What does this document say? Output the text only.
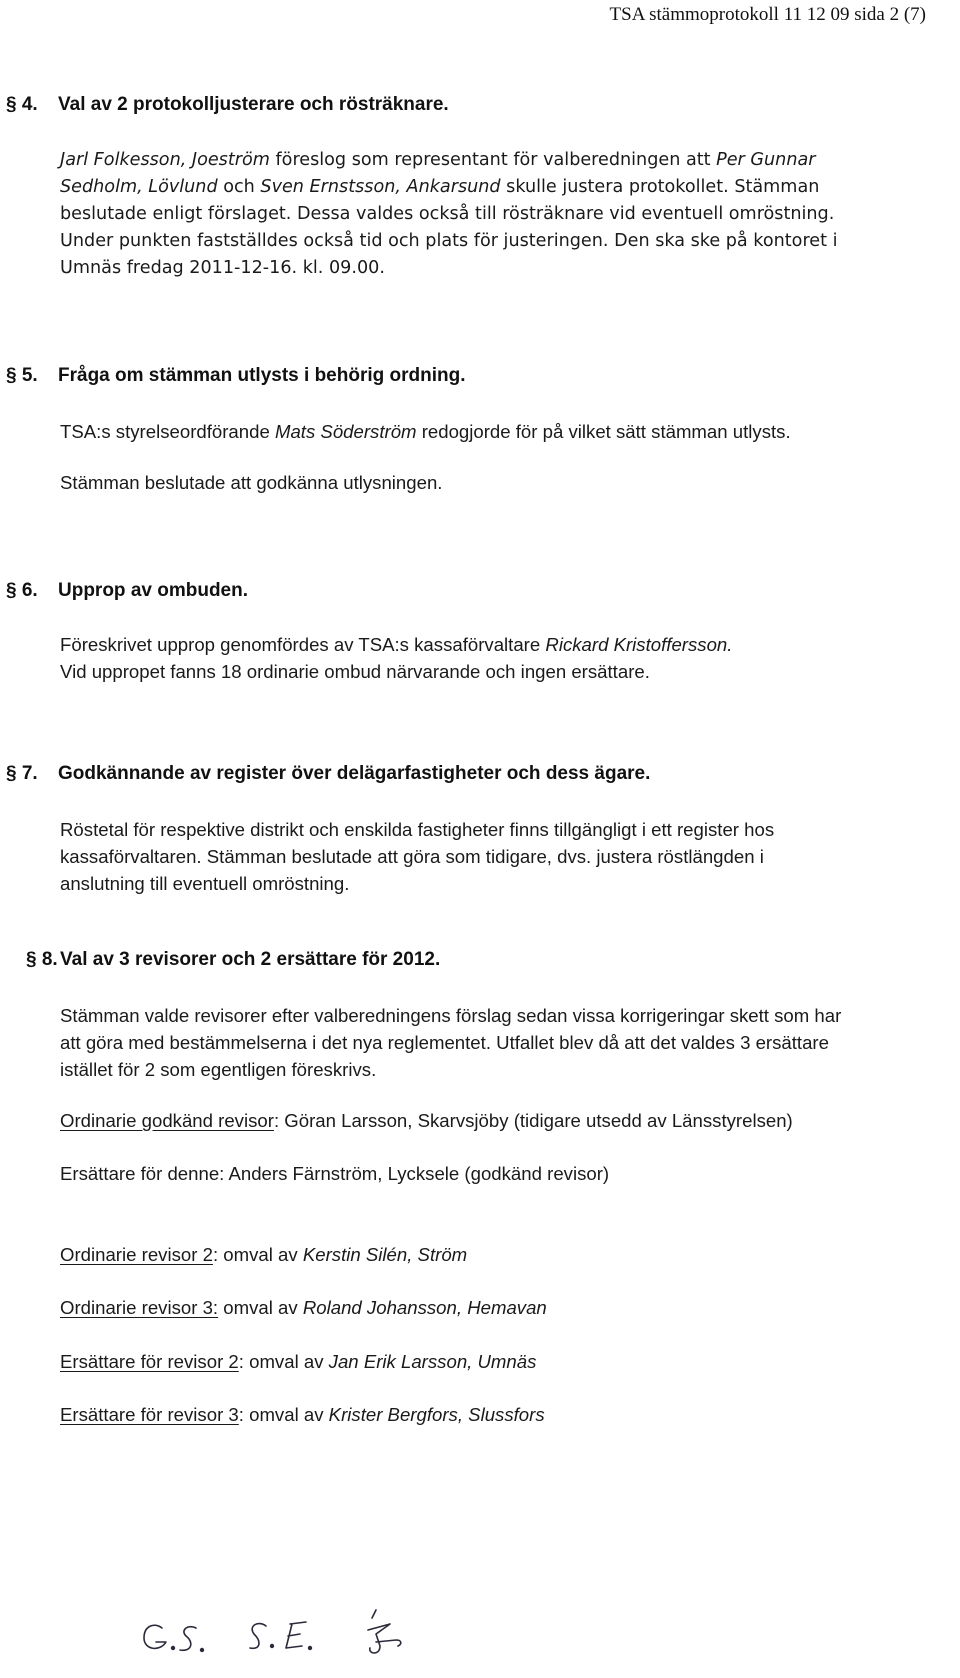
TSA stämmoprotokoll 11 12 09 sida 2 (7)
§ 4. Val av 2 protokolljusterare och rösträknare.
Jarl Folkesson, Joeström föreslog som representant för valberedningen att Per Gunnar
Sedholm, Lövlund och Sven Ernstsson, Ankarsund skulle justera protokollet. Stämman
beslutade enligt förslaget. Dessa valdes också till rösträknare vid eventuell omröstning.
Under punkten fastställdes också tid och plats för justeringen. Den ska ske på kontoret i
Umnäs fredag 2011-12-16. kl. 09.00.
§ 5. Fråga om stämman utlysts i behörig ordning.
TSA:s styrelseordförande Mats Söderström redogjorde för på vilket sätt stämman utlysts.
Stämman beslutade att godkänna utlysningen.
§ 6. Upprop av ombuden.
Föreskrivet upprop genomfördes av TSA:s kassaförvaltare Rickard Kristoffersson.
Vid uppropet fanns 18 ordinarie ombud närvarande och ingen ersättare.
§ 7. Godkännande av register över delägarfastigheter och dess ägare.
Röstetal för respektive distrikt och enskilda fastigheter finns tillgängligt i ett register hos
kassaförvaltaren. Stämman beslutade att göra som tidigare, dvs. justera röstlängden i
anslutning till eventuell omröstning.
§ 8. Val av 3 revisorer och 2 ersättare för 2012.
Stämman valde revisorer efter valberedningens förslag sedan vissa korrigeringar skett som har
att göra med bestämmelserna i det nya reglementet. Utfallet blev då att det valdes 3 ersättare
istället för 2 som egentligen föreskrivs.
Ordinarie godkänd revisor: Göran Larsson, Skarvsjöby (tidigare utsedd av Länsstyrelsen)
Ersättare för denne: Anders Färnström, Lycksele (godkänd revisor)
Ordinarie revisor 2: omval av Kerstin Silén, Ström
Ordinarie revisor 3: omval av Roland Johansson, Hemavan
Ersättare för revisor 2: omval av Jan Erik Larsson, Umnäs
Ersättare för revisor 3: omval av Krister Bergfors, Slussfors
